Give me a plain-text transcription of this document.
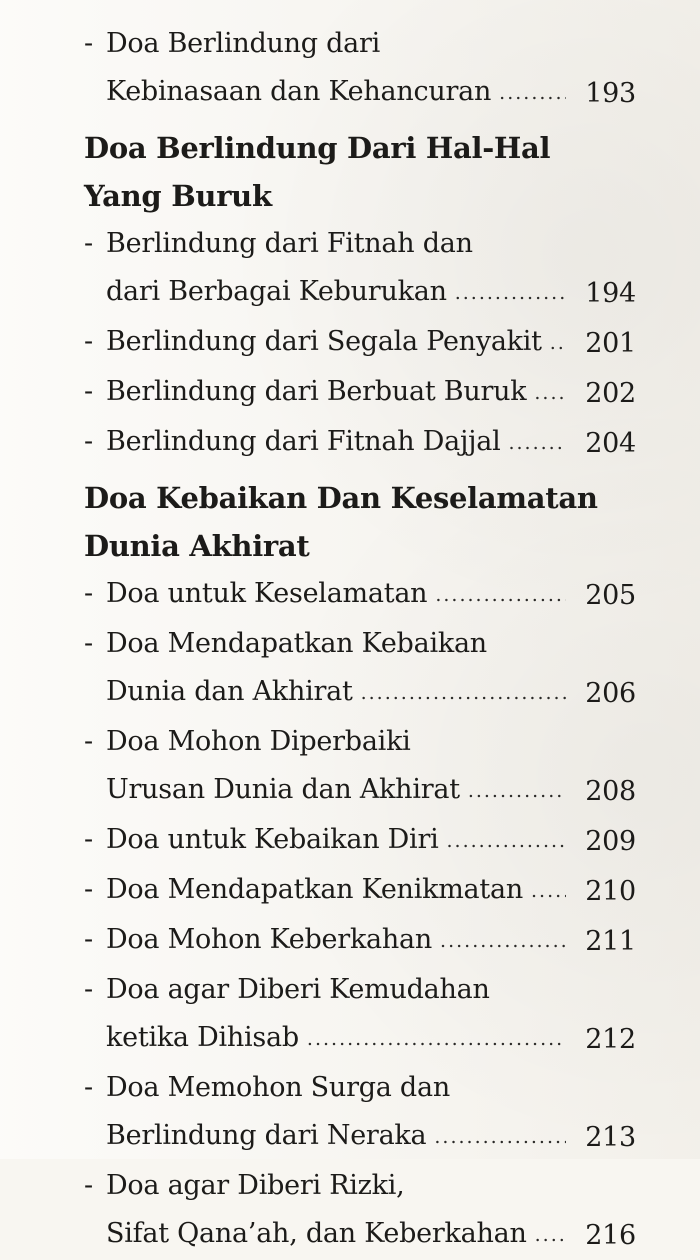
- Doa Berlindung dari
Kebinasaan dan Kehancuran .....	193
Doa Berlindung Dari Hal-Hal
Yang Buruk
- Berlindung dari Fitnah dan
dari Berbagai Keburukan .....	194
- Berlindung dari Segala Penyakit ..... 201
- Berlindung dari Berbuat Buruk ..... 202
- Berlindung dari Fitnah Dajjal .....	204
Doa Kebaikan Dan Keselamatan
Dunia Akhirat
- Doa untuk Keselamatan .....	205
- Doa Mendapatkan Kebaikan
Dunia dan Akhirat .....	206
- Doa Mohon Diperbaiki
Urusan Dunia dan Akhirat .....	208
- Doa untuk Kebaikan Diri .....	209
- Doa Mendapatkan Kenikmatan ..... 210
- Doa Mohon Keberkahan .....	211
- Doa agar Diberi Kemudahan
ketika Dihisab .....	212
- Doa Memohon Surga dan
Berlindung dari Neraka .....	213
- Doa agar Diberi Rizki,
Sifat Qana’ah, dan Keberkahan ..... 216
